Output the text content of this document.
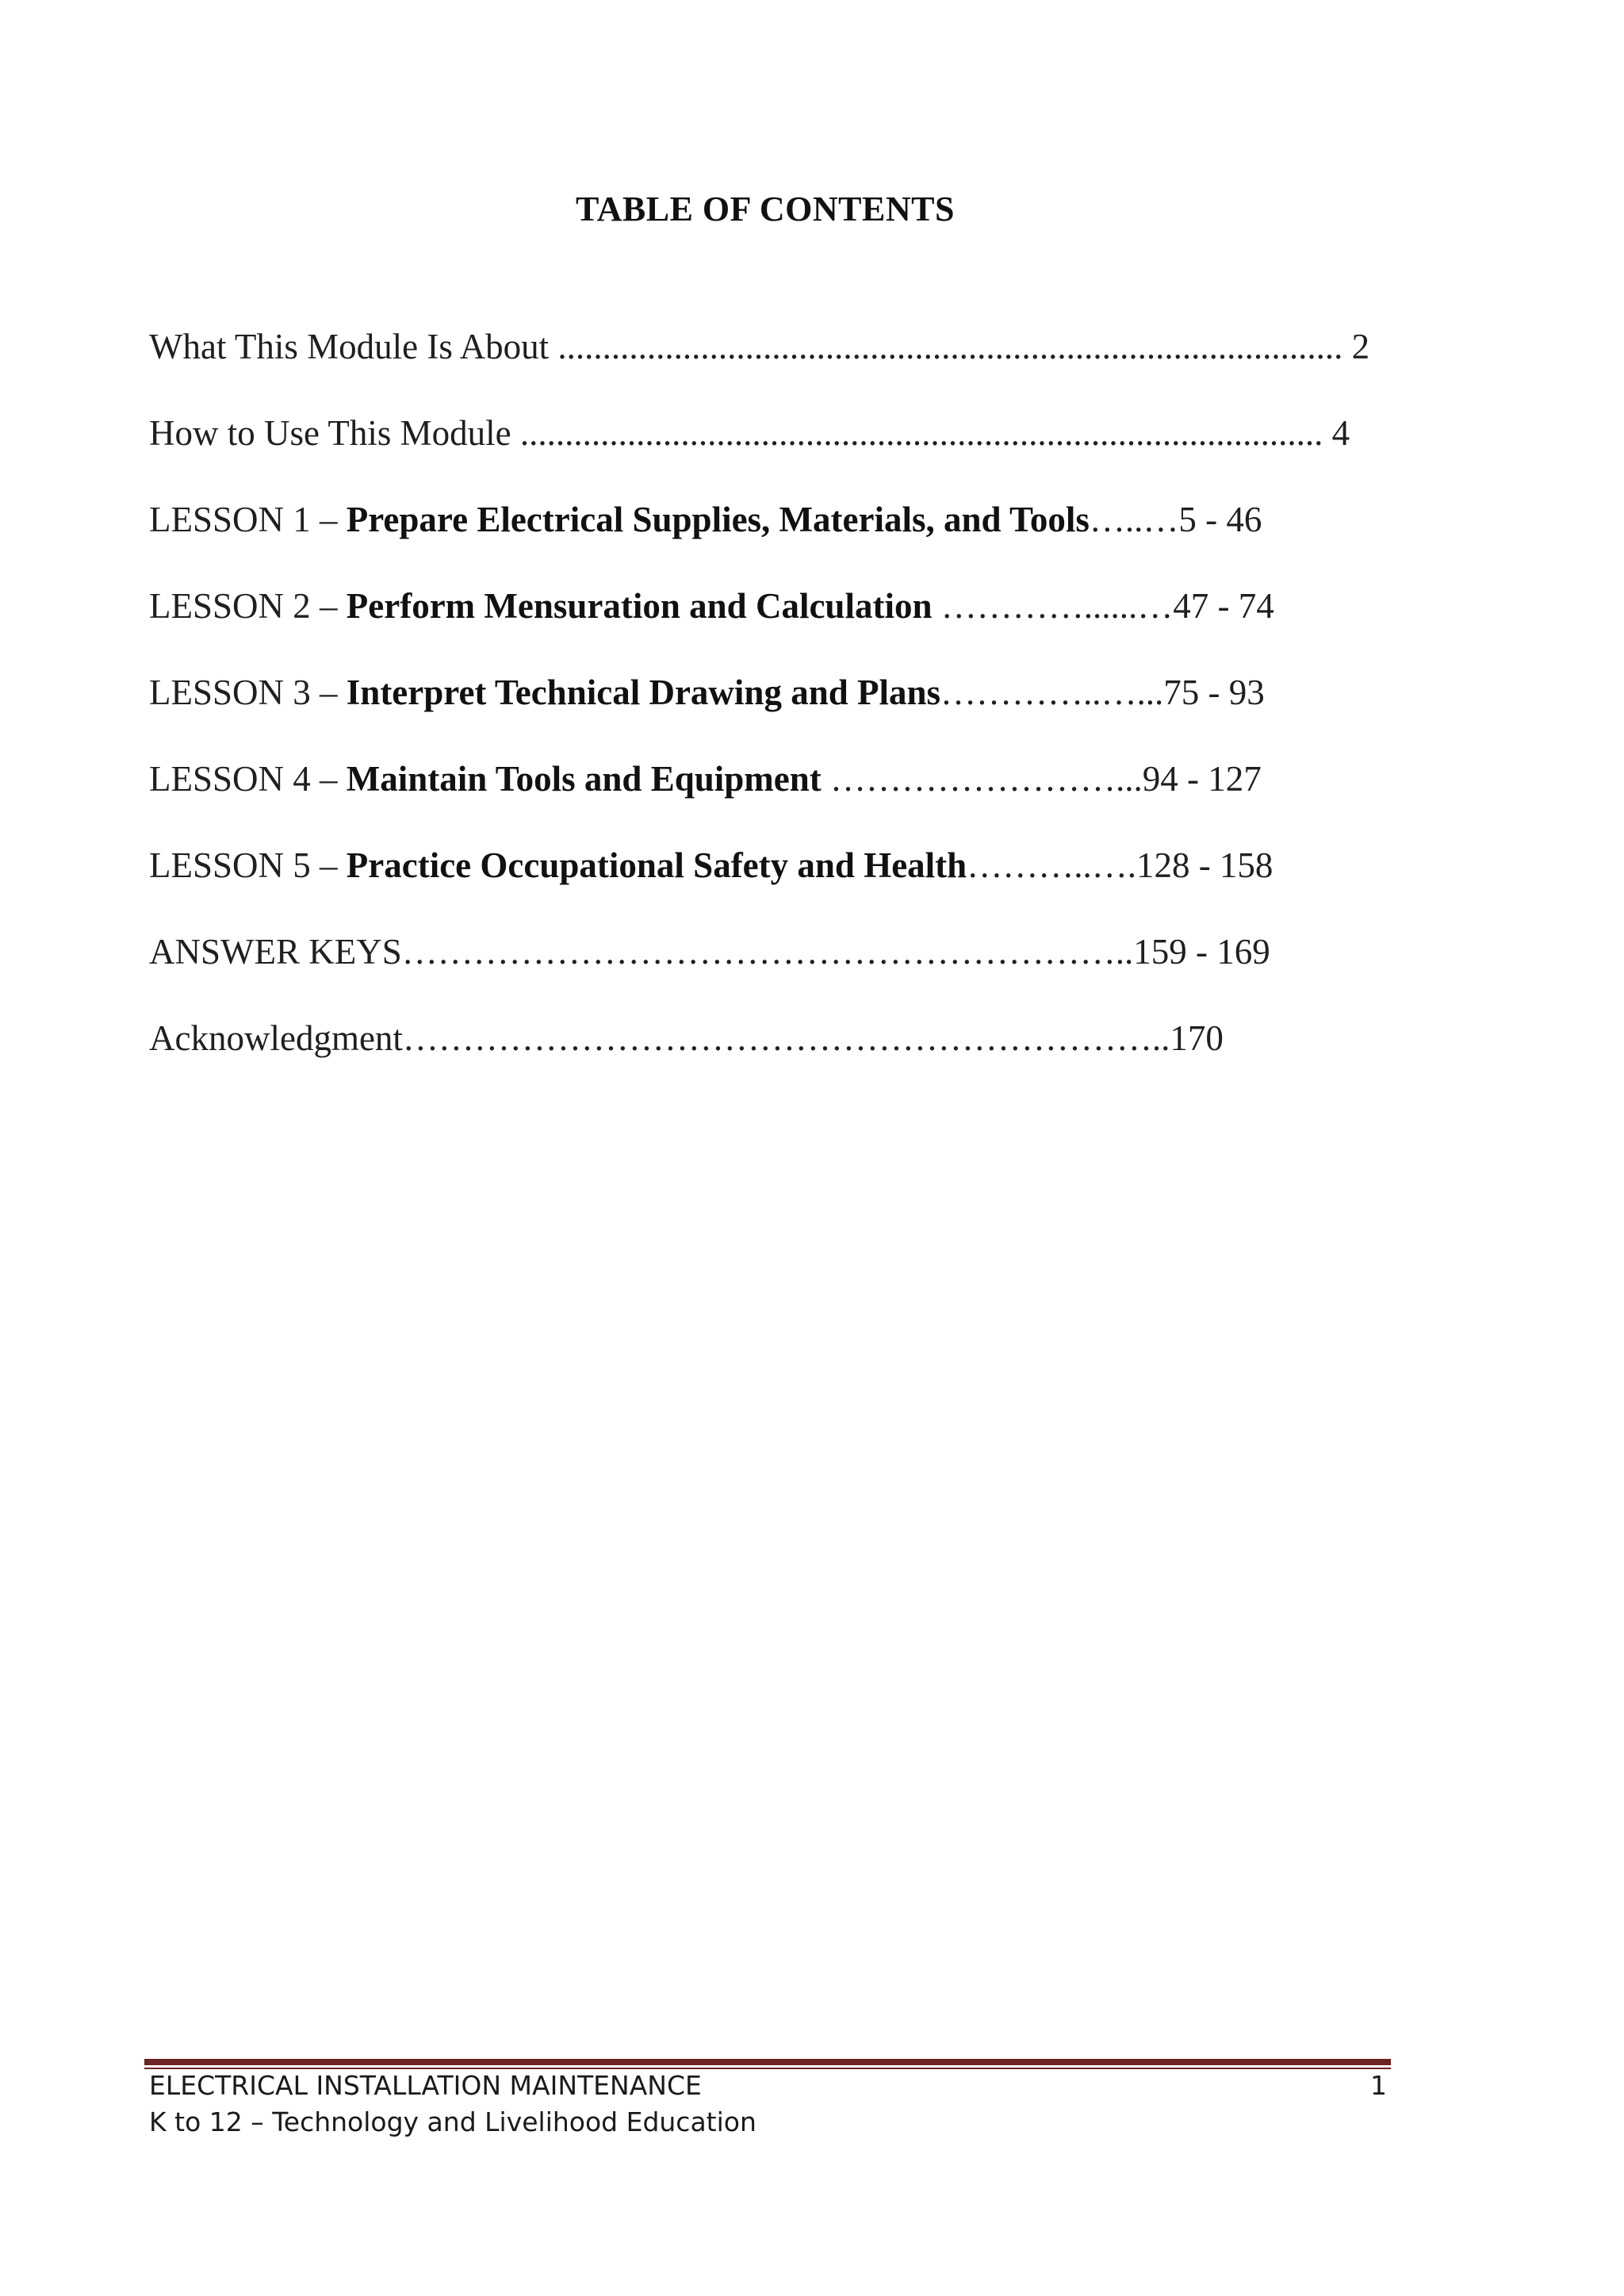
TABLE OF CONTENTS
What This Module Is About ........................................................................................ 2
How to Use This Module .......................................................................................... 4
LESSON 1 – Prepare Electrical Supplies, Materials, and Tools…..…5 - 46
LESSON 2 – Perform Mensuration and Calculation …………......…47 - 74
LESSON 3 – Interpret Technical Drawing and Plans…………..…...75 - 93
LESSON 4 – Maintain Tools and Equipment ……………………...94 - 127
LESSON 5 – Practice Occupational Safety and Health………..….128 - 158
ANSWER KEYS……………………………………………………..159 - 169
Acknowledgment………………………………………………………..170
ELECTRICAL INSTALLATION MAINTENANCE
K to 12 – Technology and Livelihood Education
1
